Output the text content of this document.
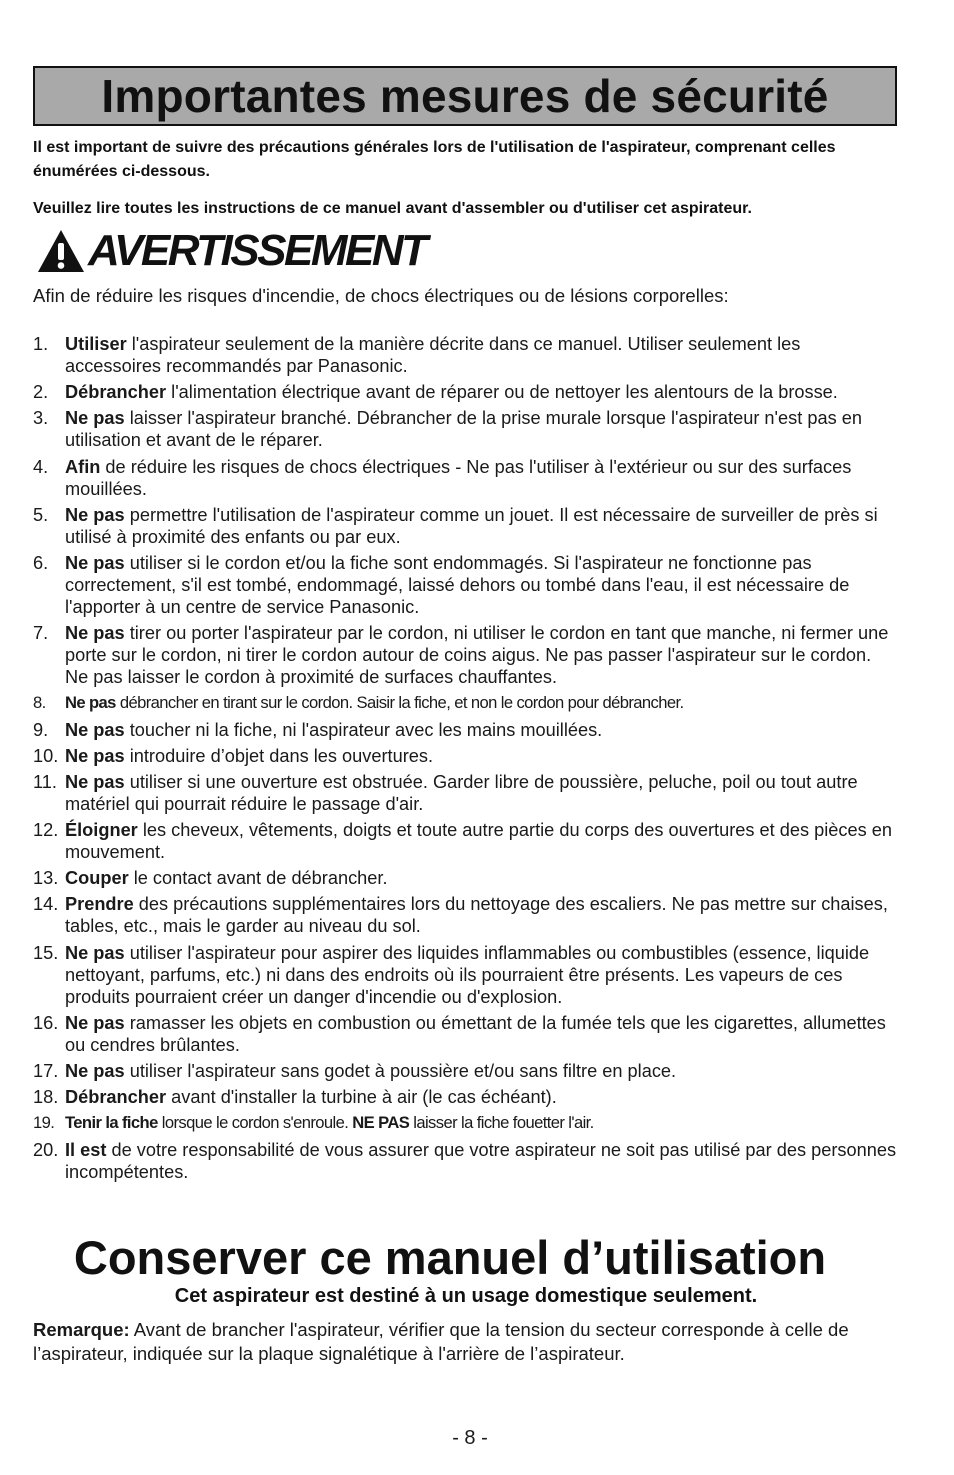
Importantes mesures de sécurité
Il est important de suivre des précautions générales lors de l'utilisation de l'aspirateur, comprenant celles énumérées ci-dessous.
Veuillez lire toutes les instructions de ce manuel avant d'assembler ou d'utiliser cet aspirateur.
AVERTISSEMENT
Afin de réduire les risques d'incendie, de chocs électriques ou de lésions corporelles:
1. Utiliser l'aspirateur seulement de la manière décrite dans ce manuel. Utiliser seulement les accessoires recommandés par Panasonic.
2. Débrancher l'alimentation électrique avant de réparer ou de nettoyer les alentours de la brosse.
3. Ne pas laisser l'aspirateur branché. Débrancher de la prise murale lorsque l'aspirateur n'est pas en utilisation et avant de le réparer.
4. Afin de réduire les risques de chocs électriques - Ne pas l'utiliser à l'extérieur ou sur des surfaces mouillées.
5. Ne pas permettre l'utilisation de l'aspirateur comme un jouet. Il est nécessaire de surveiller de près si utilisé à proximité des enfants ou par eux.
6. Ne pas utiliser si le cordon et/ou la fiche sont endommagés. Si l'aspirateur ne fonctionne pas correctement, s'il est tombé, endommagé, laissé dehors ou tombé dans l'eau, il est nécessaire de l'apporter à un centre de service Panasonic.
7. Ne pas tirer ou porter l'aspirateur par le cordon, ni utiliser le cordon en tant que manche, ni fermer une porte sur le cordon, ni tirer le cordon autour de coins aigus. Ne pas passer l'aspirateur sur le cordon. Ne pas laisser le cordon à proximité de surfaces chauffantes.
8. Ne pas débrancher en tirant sur le cordon. Saisir la fiche, et non le cordon pour débrancher.
9. Ne pas toucher ni la fiche, ni l'aspirateur avec les mains mouillées.
10. Ne pas introduire d’objet dans les ouvertures.
11. Ne pas utiliser si une ouverture est obstruée. Garder libre de poussière, peluche, poil ou tout autre matériel qui pourrait réduire le passage d'air.
12. Éloigner les cheveux, vêtements, doigts et toute autre partie du corps des ouvertures et des pièces en mouvement.
13. Couper le contact avant de débrancher.
14. Prendre des précautions supplémentaires lors du nettoyage des escaliers. Ne pas mettre sur chaises, tables, etc., mais le garder au niveau du sol.
15. Ne pas utiliser l'aspirateur pour aspirer des liquides inflammables ou combustibles (essence, liquide nettoyant, parfums, etc.) ni dans des endroits où ils pourraient être présents. Les vapeurs de ces produits pourraient créer un danger d'incendie ou d'explosion.
16. Ne pas ramasser les objets en combustion ou émettant de la fumée tels que les cigarettes, allumettes ou cendres brûlantes.
17. Ne pas utiliser l'aspirateur sans godet à poussière et/ou sans filtre en place.
18. Débrancher avant d'installer la turbine à air (le cas échéant).
19. Tenir la fiche lorsque le cordon s'enroule. NE PAS laisser la fiche fouetter l'air.
20. Il est de votre responsabilité de vous assurer que votre aspirateur ne soit pas utilisé par des personnes incompétentes.
Conserver ce manuel d’utilisation
Cet aspirateur est destiné à un usage domestique seulement.
Remarque: Avant de brancher l'aspirateur, vérifier que la tension du secteur corresponde à celle de l’aspirateur, indiquée sur la plaque signalétique à l'arrière de l’aspirateur.
- 8 -
